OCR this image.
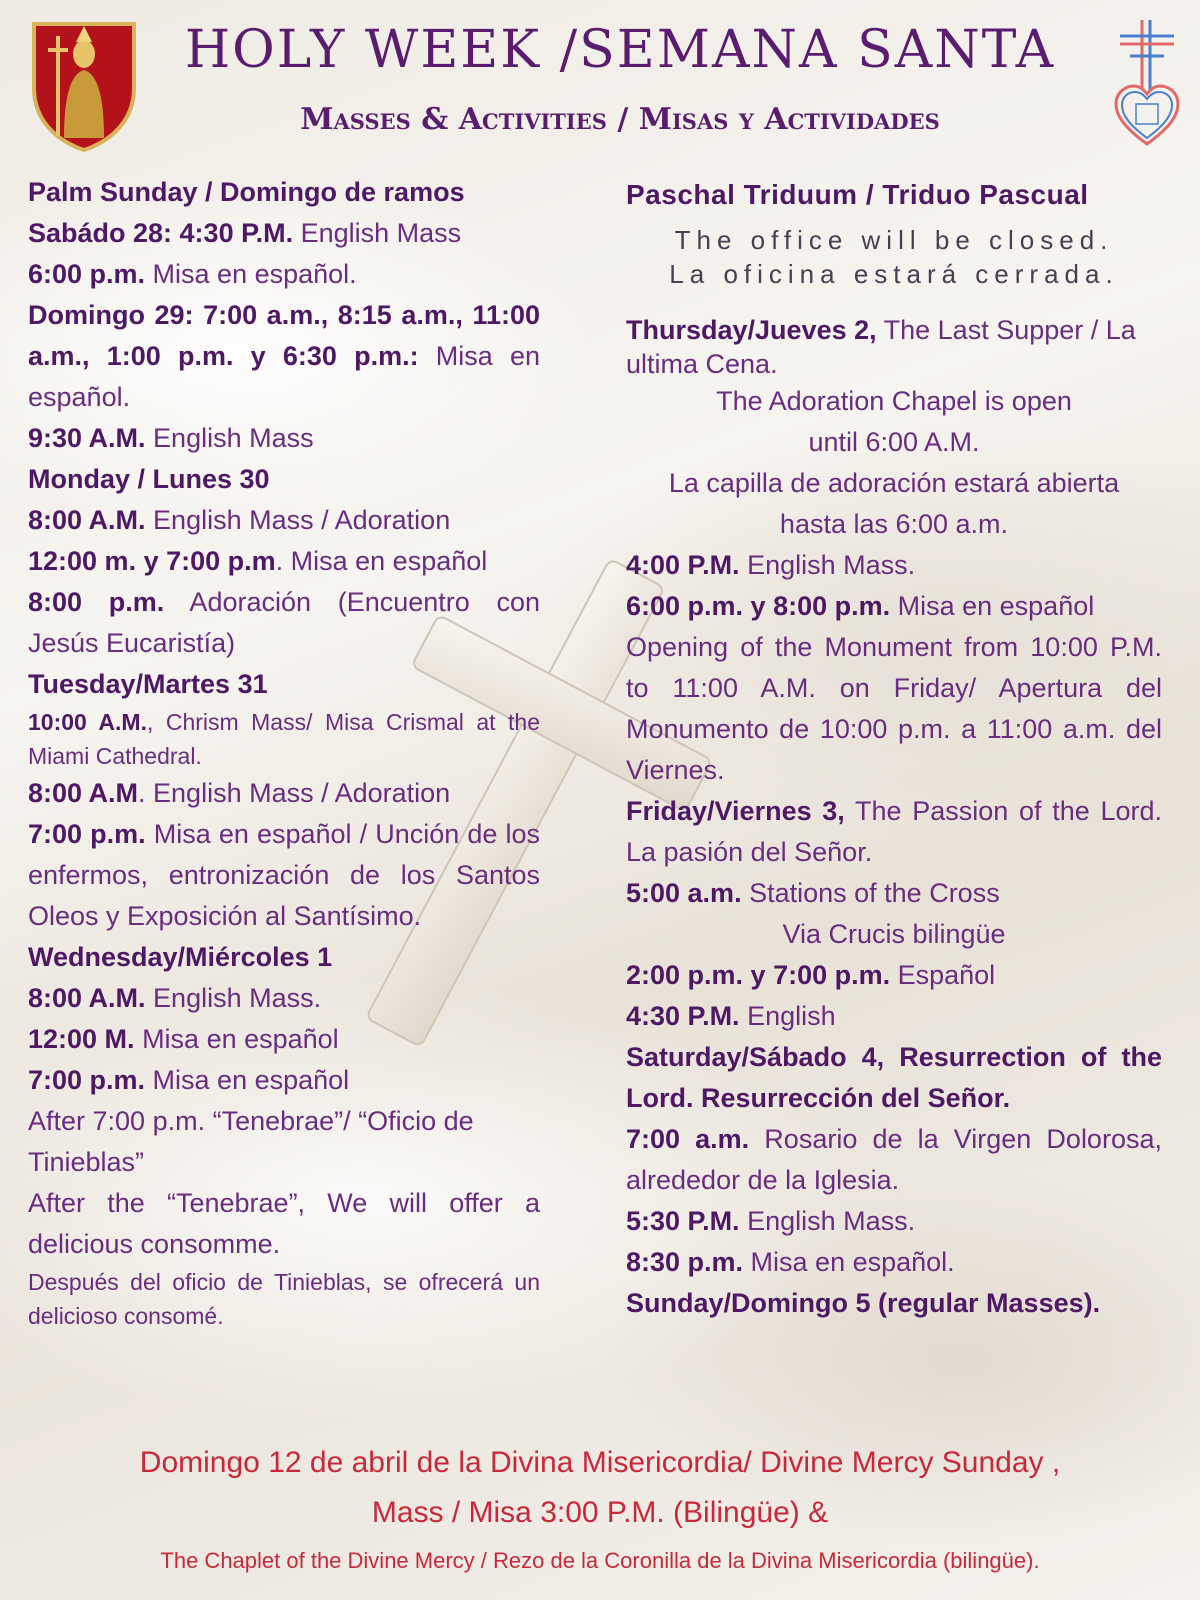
HOLY WEEK /SEMANA SANTA
Masses & Activities / Misas y Actividades

Palm Sunday / Domingo de ramos

Sabádo 28: 4:30 P.M. English Mass

6:00 p.m. Misa en español.

Domingo 29: 7:00 a.m., 8:15 a.m., 11:00 a.m., 1:00 p.m. y 6:30 p.m.: Misa en español.

9:30 A.M. English Mass

Monday / Lunes 30

8:00 A.M. English Mass / Adoration

12:00 m. y 7:00 p.m. Misa en español

8:00 p.m. Adoración (Encuentro con Jesús Eucaristía)

Tuesday/Martes 31

10:00 A.M., Chrism Mass/ Misa Crismal at the Miami Cathedral.

8:00 A.M. English Mass / Adoration

7:00 p.m. Misa en español / Unción de los enfermos, entronización de los Santos Oleos y Exposición al Santísimo.

Wednesday/Miércoles 1

8:00 A.M. English Mass.

12:00 M. Misa en español

7:00 p.m. Misa en español

After 7:00 p.m. “Tenebrae”/ “Oficio de Tinieblas”

After the “Tenebrae”, We will offer a delicious consomme.

Después del oficio de Tinieblas, se ofrecerá un delicioso consomé.

Paschal Triduum / Triduo Pascual

The office will be closed.

La oficina estará cerrada.

Thursday/Jueves 2, The Last Supper / La ultima Cena.

The Adoration Chapel is open

until 6:00 A.M.

La capilla de adoración estará abierta

hasta las 6:00 a.m.

4:00 P.M. English Mass.

6:00 p.m. y 8:00 p.m. Misa en español

Opening of the Monument from 10:00 P.M. to 11:00 A.M. on Friday/ Apertura del Monumento de 10:00 p.m. a 11:00 a.m. del Viernes.

Friday/Viernes 3, The Passion of the Lord. La pasión del Señor.

5:00 a.m. Stations of the Cross

Via Crucis bilingüe

2:00 p.m. y 7:00 p.m. Español

4:30 P.M. English

Saturday/Sábado 4, Resurrection of the Lord. Resurrección del Señor.

7:00 a.m. Rosario de la Virgen Dolorosa, alrededor de la Iglesia.

5:30 P.M. English Mass.

8:30 p.m. Misa en español.

Sunday/Domingo 5 (regular Masses).

Domingo 12 de abril de la Divina Misericordia/ Divine Mercy Sunday ,

Mass / Misa 3:00 P.M. (Bilingüe) &

The Chaplet of the Divine Mercy / Rezo de la Coronilla de la Divina Misericordia (bilingüe).
